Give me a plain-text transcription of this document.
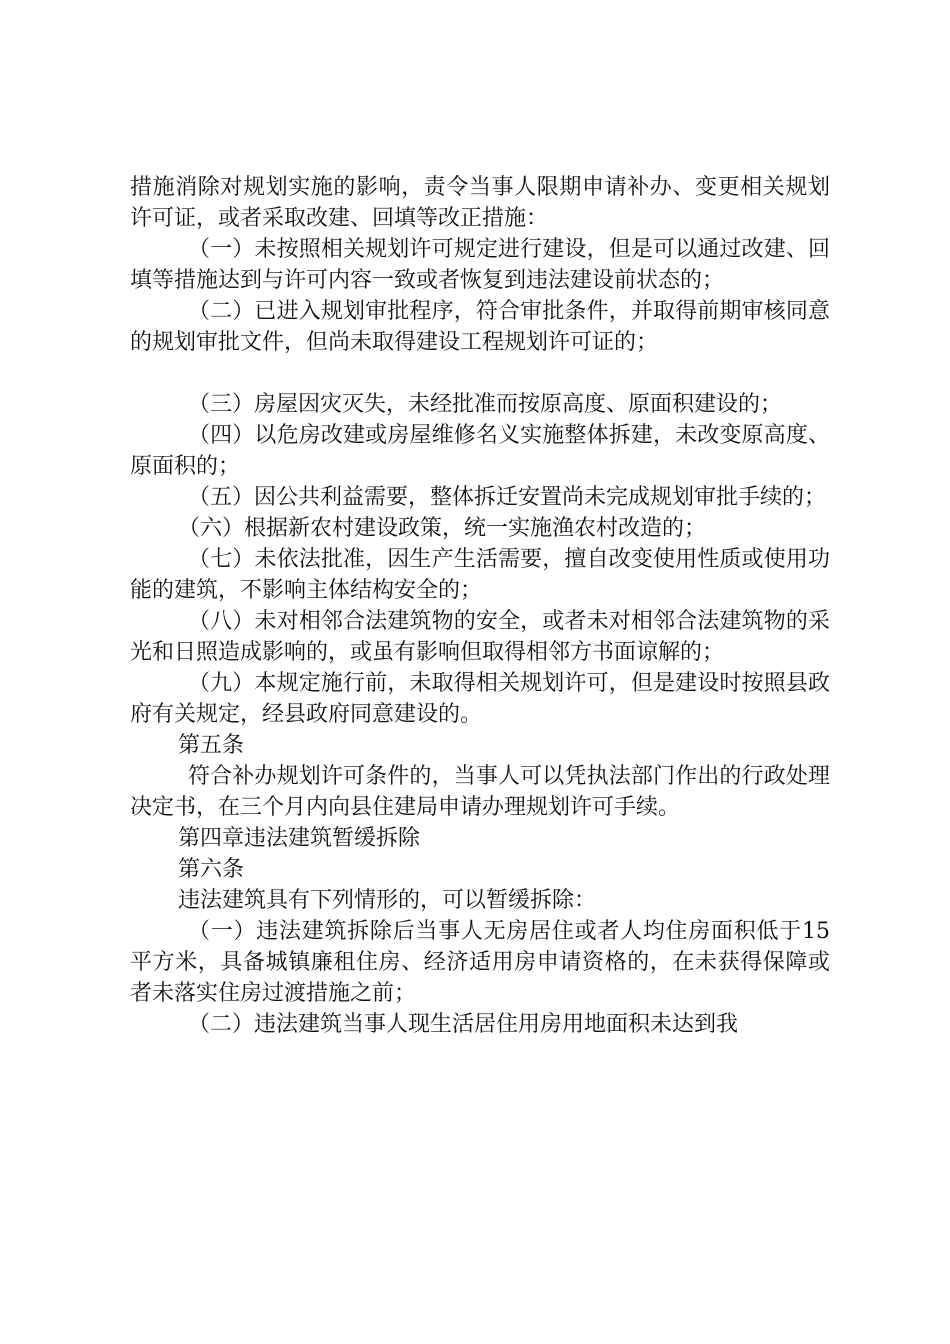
措施消除对规划实施的影响，责令当事人限期申请补办、变更相关规划许可证，或者采取改建、回填等改正措施：

（一）未按照相关规划许可规定进行建设，但是可以通过改建、回填等措施达到与许可内容一致或者恢复到违法建设前状态的；

（二）已进入规划审批程序，符合审批条件，并取得前期审核同意的规划审批文件，但尚未取得建设工程规划许可证的；

（三）房屋因灾灭失，未经批准而按原高度、原面积建设的；

（四）以危房改建或房屋维修名义实施整体拆建，未改变原高度、原面积的；

（五）因公共利益需要，整体拆迁安置尚未完成规划审批手续的；

（六）根据新农村建设政策，统一实施渔农村改造的；

（七）未依法批准，因生产生活需要，擅自改变使用性质或使用功能的建筑，不影响主体结构安全的；

（八）未对相邻合法建筑物的安全，或者未对相邻合法建筑物的采光和日照造成影响的，或虽有影响但取得相邻方书面谅解的；

（九）本规定施行前，未取得相关规划许可，但是建设时按照县政府有关规定，经县政府同意建设的。

第五条

符合补办规划许可条件的，当事人可以凭执法部门作出的行政处理决定书，在三个月内向县住建局申请办理规划许可手续。

第四章违法建筑暂缓拆除

第六条

违法建筑具有下列情形的，可以暂缓拆除：

（一）违法建筑拆除后当事人无房居住或者人均住房面积低于15平方米，具备城镇廉租住房、经济适用房申请资格的，在未获得保障或者未落实住房过渡措施之前；

（二）违法建筑当事人现生活居住用房用地面积未达到我
